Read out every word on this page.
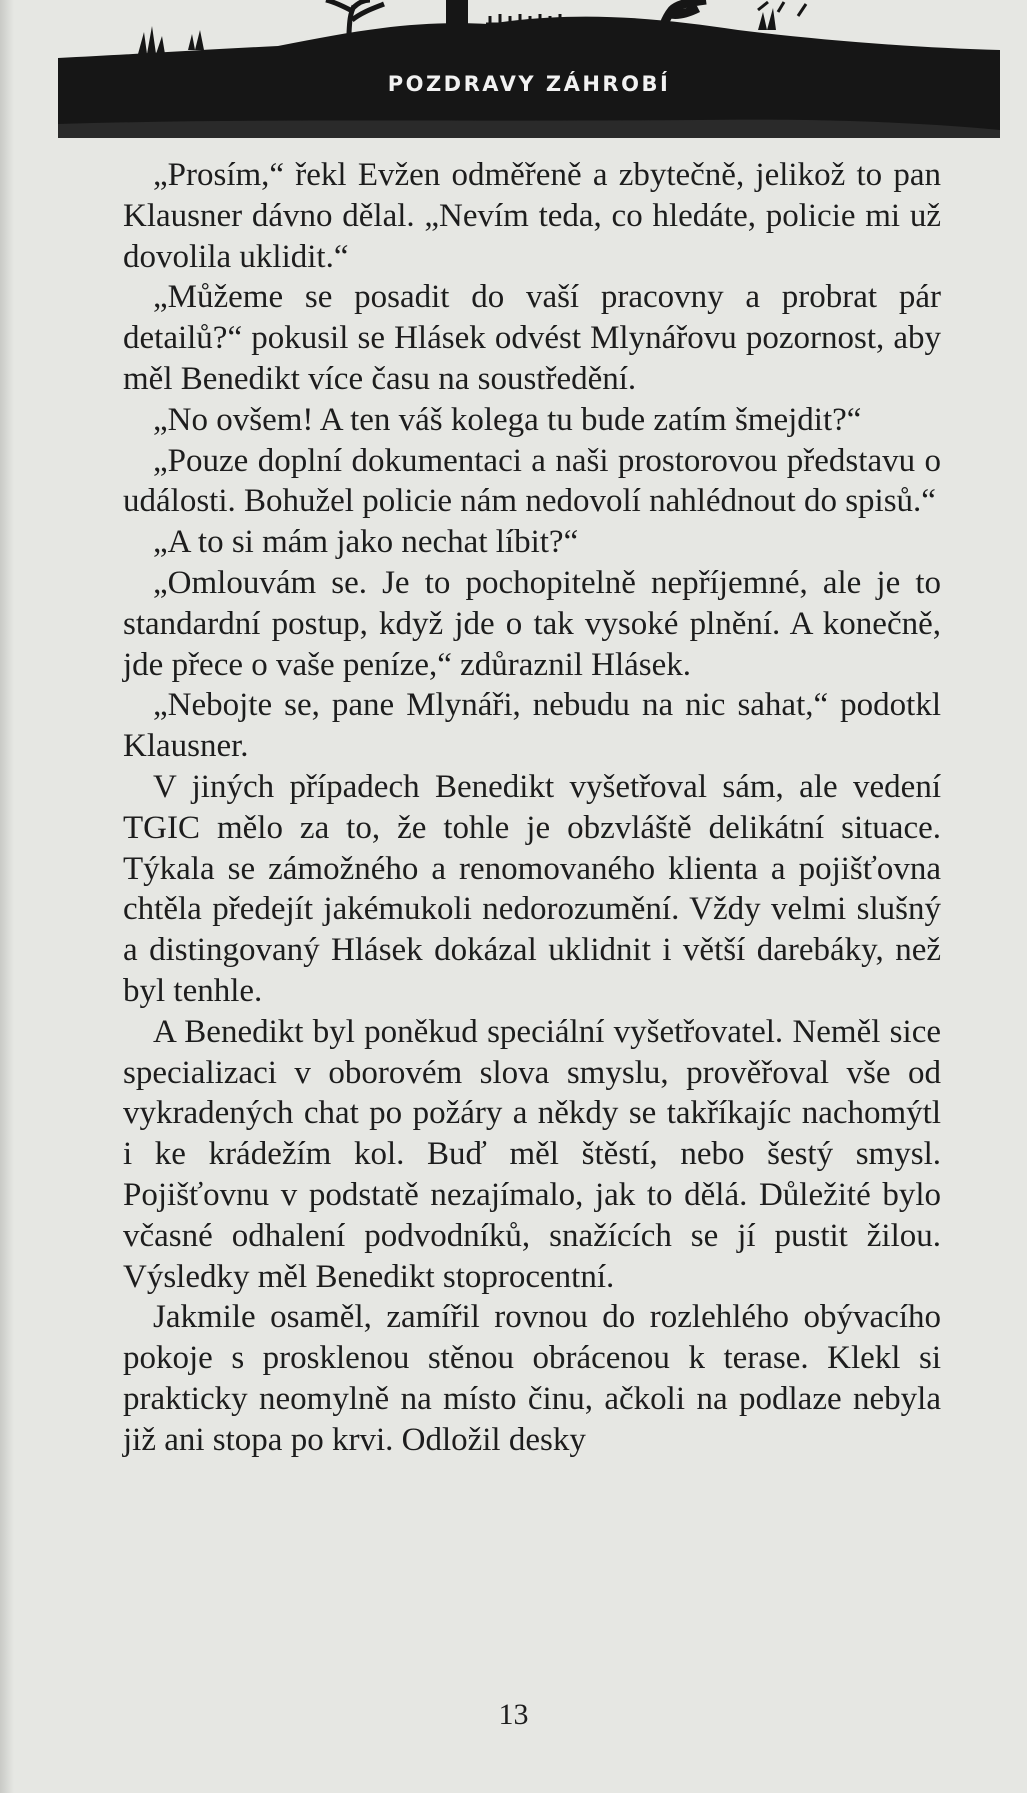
POZDRAVY ZÁHROBÍ

„Prosím,“ řekl Evžen odměřeně a zbytečně, jelikož to pan Klausner dávno dělal. „Nevím teda, co hledáte, policie mi už dovolila uklidit.“

„Můžeme se posadit do vaší pracovny a probrat pár detailů?“ pokusil se Hlásek odvést Mlynářovu pozornost, aby měl Benedikt více času na soustředění.

„No ovšem! A ten váš kolega tu bude zatím šmejdit?“

„Pouze doplní dokumentaci a naši prostorovou představu o události. Bohužel policie nám nedovolí nahlédnout do spisů.“

„A to si mám jako nechat líbit?“

„Omlouvám se. Je to pochopitelně nepříjemné, ale je to standardní postup, když jde o tak vysoké plnění. A konečně, jde přece o vaše peníze,“ zdůraznil Hlásek.

„Nebojte se, pane Mlynáři, nebudu na nic sahat,“ podotkl Klausner.

V jiných případech Benedikt vyšetřoval sám, ale vedení TGIC mělo za to, že tohle je obzvláště delikátní situace. Týkala se zámožného a renomovaného klienta a pojišťovna chtěla předejít jakémukoli nedorozumění. Vždy velmi slušný a distingovaný Hlásek dokázal uklidnit i větší darebáky, než byl tenhle.

A Benedikt byl poněkud speciální vyšetřovatel. Neměl sice specializaci v oborovém slova smyslu, prověřoval vše od vykradených chat po požáry a někdy se takříkajíc nachomýtl i ke krádežím kol. Buď měl štěstí, nebo šestý smysl. Pojišťovnu v podstatě nezajímalo, jak to dělá. Důležité bylo včasné odhalení podvodníků, snažících se jí pustit žilou. Výsledky měl Benedikt stoprocentní.

Jakmile osaměl, zamířil rovnou do rozlehlého obývacího pokoje s prosklenou stěnou obrácenou k terase. Klekl si prakticky neomylně na místo činu, ačkoli na podlaze nebyla již ani stopa po krvi. Odložil desky

13
